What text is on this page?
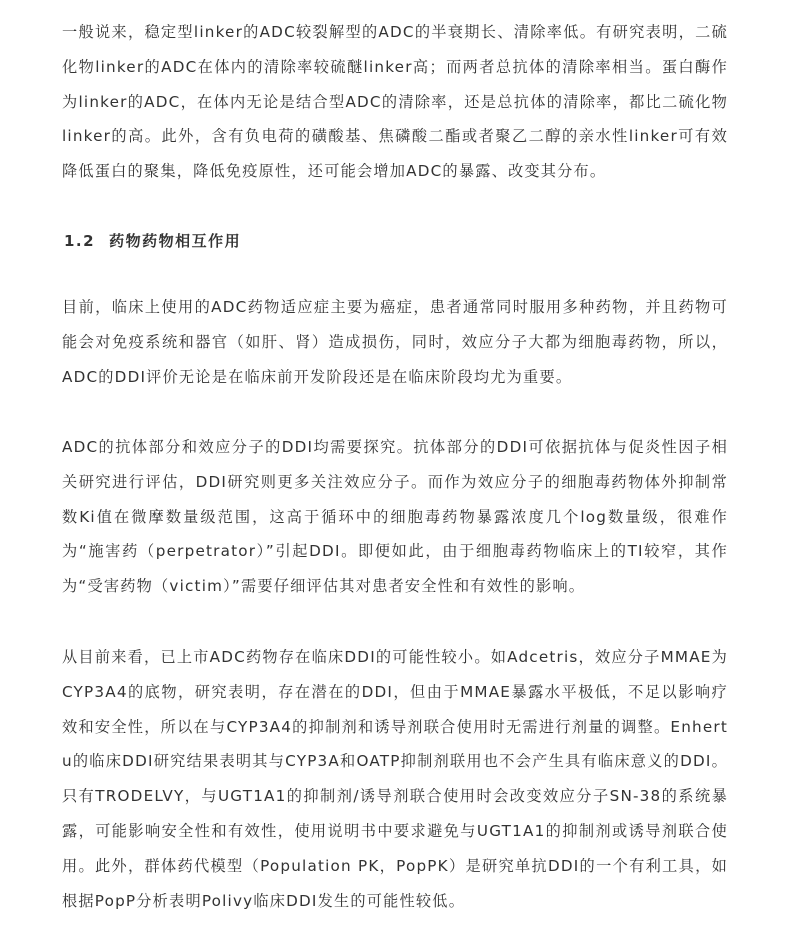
一般说来，稳定型linker的ADC较裂解型的ADC的半衰期长、清除率低。有研究表明，二硫化物linker的ADC在体内的清除率较硫醚linker高；而两者总抗体的清除率相当。蛋白酶作为linker的ADC，在体内无论是结合型ADC的清除率，还是总抗体的清除率，都比二硫化物linker的高。此外，含有负电荷的磺酸基、焦磷酸二酯或者聚乙二醇的亲水性linker可有效降低蛋白的聚集，降低免疫原性，还可能会增加ADC的暴露、改变其分布。

1.2 药物药物相互作用

目前，临床上使用的ADC药物适应症主要为癌症，患者通常同时服用多种药物，并且药物可能会对免疫系统和器官（如肝、肾）造成损伤，同时，效应分子大都为细胞毒药物，所以，ADC的DDI评价无论是在临床前开发阶段还是在临床阶段均尤为重要。

ADC的抗体部分和效应分子的DDI均需要探究。抗体部分的DDI可依据抗体与促炎性因子相关研究进行评估，DDI研究则更多关注效应分子。而作为效应分子的细胞毒药物体外抑制常数Ki值在微摩数量级范围，这高于循环中的细胞毒药物暴露浓度几个log数量级，很难作为“施害药（perpetrator）”引起DDI。即便如此，由于细胞毒药物临床上的TI较窄，其作为“受害药物（victim）”需要仔细评估其对患者安全性和有效性的影响。

从目前来看，已上市ADC药物存在临床DDI的可能性较小。如Adcetris，效应分子MMAE为CYP3A4的底物，研究表明，存在潜在的DDI，但由于MMAE暴露水平极低，不足以影响疗效和安全性，所以在与CYP3A4的抑制剂和诱导剂联合使用时无需进行剂量的调整。Enhertu的临床DDI研究结果表明其与CYP3A和OATP抑制剂联用也不会产生具有临床意义的DDI。只有TRODELVY，与UGT1A1的抑制剂/诱导剂联合使用时会改变效应分子SN-38的系统暴露，可能影响安全性和有效性，使用说明书中要求避免与UGT1A1的抑制剂或诱导剂联合使用。此外，群体药代模型（Population PK，PopPK）是研究单抗DDI的一个有利工具，如根据PopP分析表明Polivy临床DDI发生的可能性较低。
